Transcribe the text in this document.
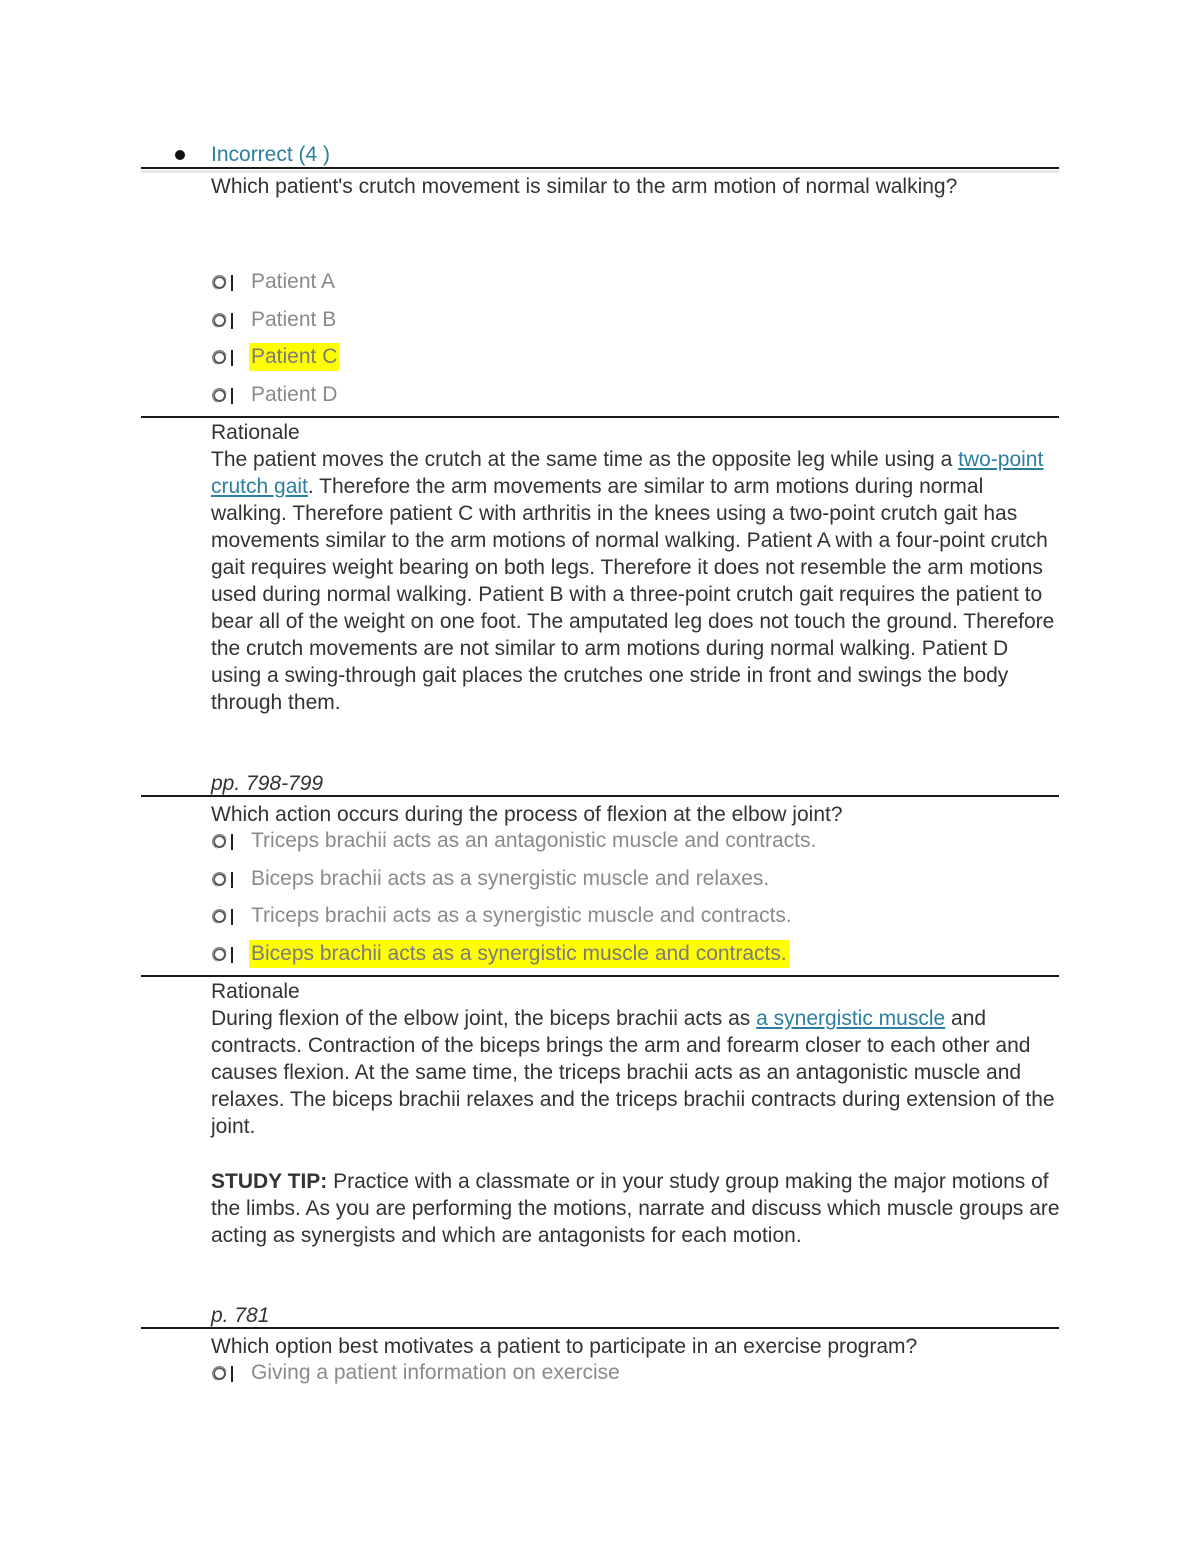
Incorrect (4 )
Which patient's crutch movement is similar to the arm motion of normal walking?
Patient A
Patient B
Patient C
Patient D
Rationale
The patient moves the crutch at the same time as the opposite leg while using a two-point crutch gait. Therefore the arm movements are similar to arm motions during normal walking. Therefore patient C with arthritis in the knees using a two-point crutch gait has movements similar to the arm motions of normal walking. Patient A with a four-point crutch gait requires weight bearing on both legs. Therefore it does not resemble the arm motions used during normal walking. Patient B with a three-point crutch gait requires the patient to bear all of the weight on one foot. The amputated leg does not touch the ground. Therefore the crutch movements are not similar to arm motions during normal walking. Patient D using a swing-through gait places the crutches one stride in front and swings the body through them.
pp. 798-799
Which action occurs during the process of flexion at the elbow joint?
Triceps brachii acts as an antagonistic muscle and contracts.
Biceps brachii acts as a synergistic muscle and relaxes.
Triceps brachii acts as a synergistic muscle and contracts.
Biceps brachii acts as a synergistic muscle and contracts.
Rationale
During flexion of the elbow joint, the biceps brachii acts as a synergistic muscle and contracts. Contraction of the biceps brings the arm and forearm closer to each other and causes flexion. At the same time, the triceps brachii acts as an antagonistic muscle and relaxes. The biceps brachii relaxes and the triceps brachii contracts during extension of the joint.
STUDY TIP: Practice with a classmate or in your study group making the major motions of the limbs. As you are performing the motions, narrate and discuss which muscle groups are acting as synergists and which are antagonists for each motion.
p. 781
Which option best motivates a patient to participate in an exercise program?
Giving a patient information on exercise
